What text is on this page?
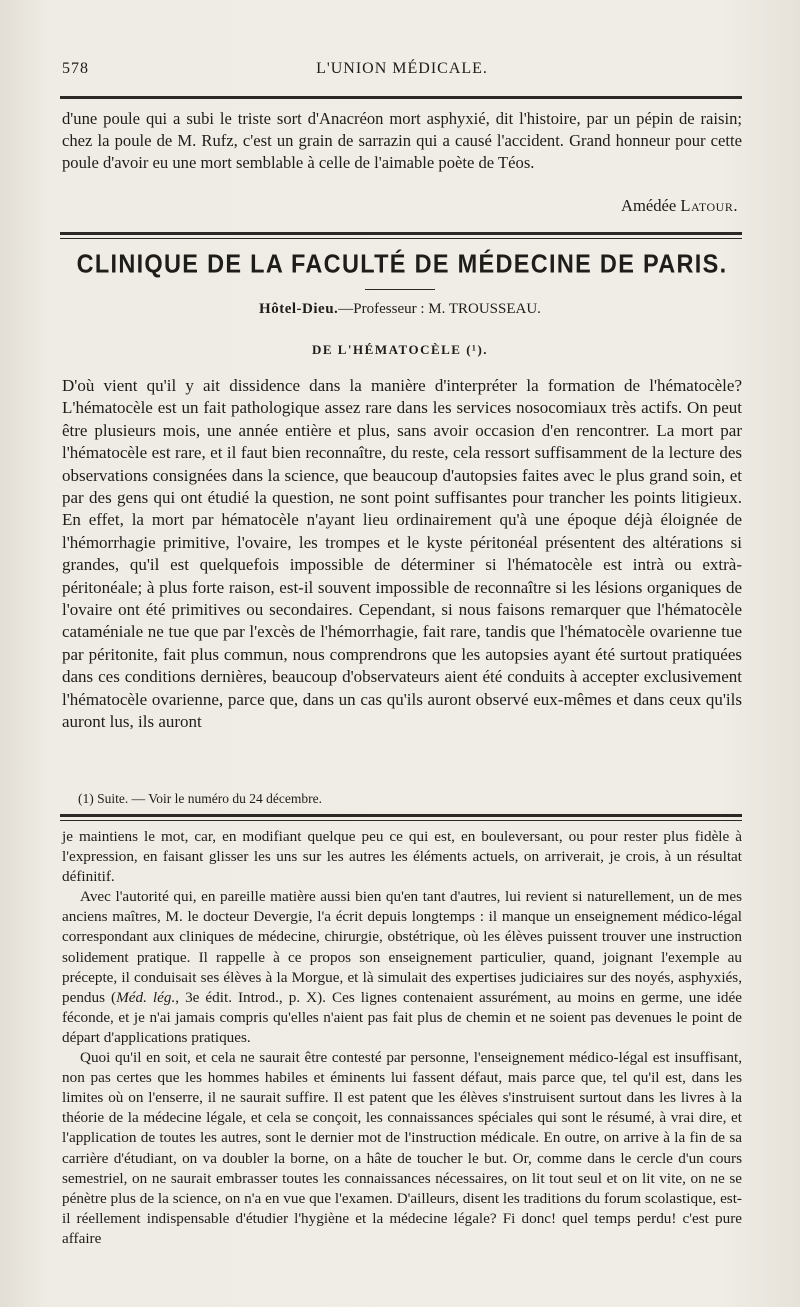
578	L'UNION MÉDICALE.
d'une poule qui a subi le triste sort d'Anacréon mort asphyxié, dit l'histoire, par un pépin de raisin; chez la poule de M. Rufz, c'est un grain de sarrazin qui a causé l'accident. Grand honneur pour cette poule d'avoir eu une mort semblable à celle de l'aimable poète de Téos.
Amédée Latour.
CLINIQUE DE LA FACULTÉ DE MÉDECINE DE PARIS.
Hôtel-Dieu.—Professeur : M. TROUSSEAU.
DE L'HÉMATOCÈLE (¹).
D'où vient qu'il y ait dissidence dans la manière d'interpréter la formation de l'hématocèle? L'hématocèle est un fait pathologique assez rare dans les services nosocomiaux très actifs. On peut être plusieurs mois, une année entière et plus, sans avoir occasion d'en rencontrer. La mort par l'hématocèle est rare, et il faut bien reconnaître, du reste, cela ressort suffisamment de la lecture des observations consignées dans la science, que beaucoup d'autopsies faites avec le plus grand soin, et par des gens qui ont étudié la question, ne sont point suffisantes pour trancher les points litigieux. En effet, la mort par hématocèle n'ayant lieu ordinairement qu'à une époque déjà éloignée de l'hémorrhagie primitive, l'ovaire, les trompes et le kyste péritonéal présentent des altérations si grandes, qu'il est quelquefois impossible de déterminer si l'hématocèle est intrà ou extrà-péritonéale; à plus forte raison, est-il souvent impossible de reconnaître si les lésions organiques de l'ovaire ont été primitives ou secondaires. Cependant, si nous faisons remarquer que l'hématocèle cataméniale ne tue que par l'excès de l'hémorrhagie, fait rare, tandis que l'hématocèle ovarienne tue par péritonite, fait plus commun, nous comprendrons que les autopsies ayant été surtout pratiquées dans ces conditions dernières, beaucoup d'observateurs aient été conduits à accepter exclusivement l'hématocèle ovarienne, parce que, dans un cas qu'ils auront observé eux-mêmes et dans ceux qu'ils auront lus, ils auront
(1) Suite. — Voir le numéro du 24 décembre.
je maintiens le mot, car, en modifiant quelque peu ce qui est, en bouleversant, ou pour rester plus fidèle à l'expression, en faisant glisser les uns sur les autres les éléments actuels, on arriverait, je crois, à un résultat définitif.
Avec l'autorité qui, en pareille matière aussi bien qu'en tant d'autres, lui revient si naturellement, un de mes anciens maîtres, M. le docteur Devergie, l'a écrit depuis longtemps : il manque un enseignement médico-légal correspondant aux cliniques de médecine, chirurgie, obstétrique, où les élèves puissent trouver une instruction solidement pratique. Il rappelle à ce propos son enseignement particulier, quand, joignant l'exemple au précepte, il conduisait ses élèves à la Morgue, et là simulait des expertises judiciaires sur des noyés, asphyxiés, pendus (Méd. lég., 3e édit. Introd., p. X). Ces lignes contenaient assurément, au moins en germe, une idée féconde, et je n'ai jamais compris qu'elles n'aient pas fait plus de chemin et ne soient pas devenues le point de départ d'applications pratiques.
Quoi qu'il en soit, et cela ne saurait être contesté par personne, l'enseignement médico-légal est insuffisant, non pas certes que les hommes habiles et éminents lui fassent défaut, mais parce que, tel qu'il est, dans les limites où on l'enserre, il ne saurait suffire. Il est patent que les élèves s'instruisent surtout dans les livres à la théorie de la médecine légale, et cela se conçoit, les connaissances spéciales qui sont le résumé, à vrai dire, et l'application de toutes les autres, sont le dernier mot de l'instruction médicale. En outre, on arrive à la fin de sa carrière d'étudiant, on va doubler la borne, on a hâte de toucher le but. Or, comme dans le cercle d'un cours semestriel, on ne saurait embrasser toutes les connaissances nécessaires, on lit tout seul et on lit vite, on ne se pénètre plus de la science, on n'a en vue que l'examen. D'ailleurs, disent les traditions du forum scolastique, est-il réellement indispensable d'étudier l'hygiène et la médecine légale? Fi donc! quel temps perdu! c'est pure affaire
